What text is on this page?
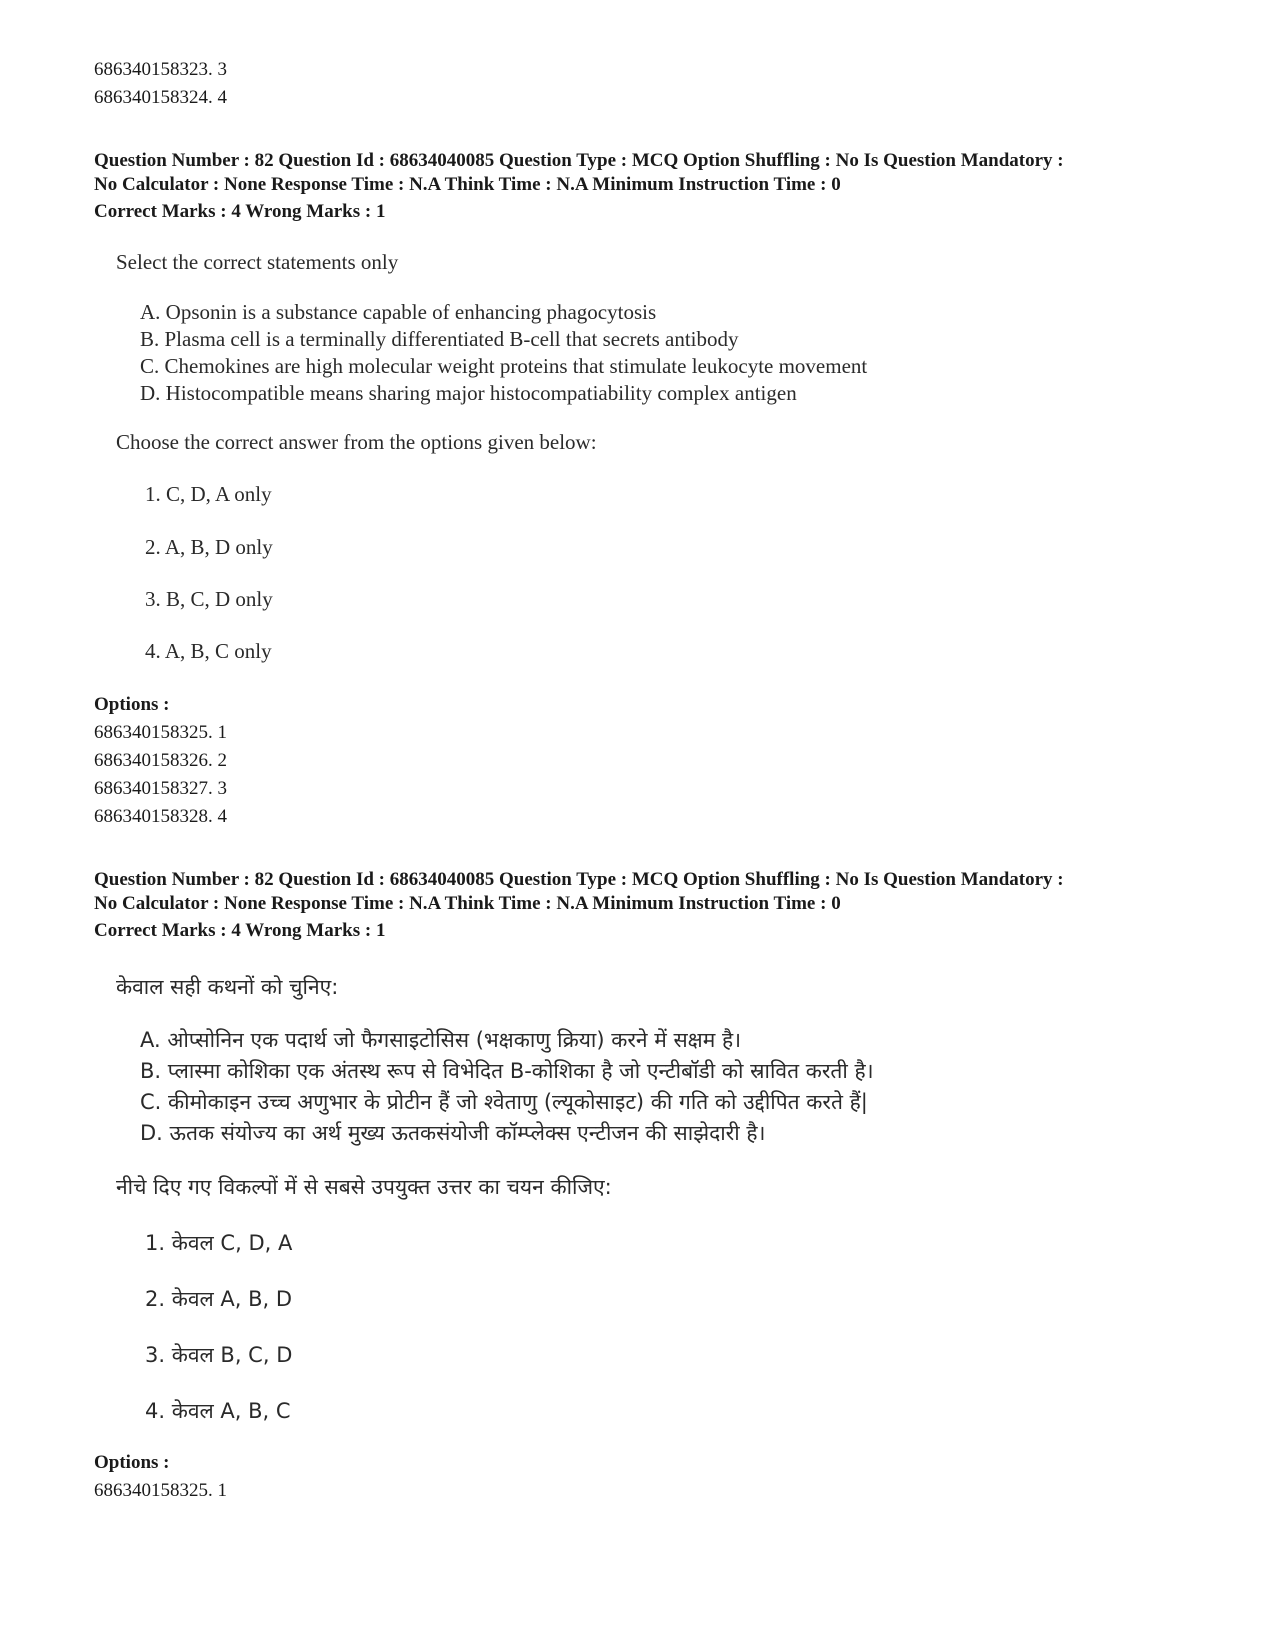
686340158323. 3
686340158324. 4
Question Number : 82 Question Id : 68634040085 Question Type : MCQ Option Shuffling : No Is Question Mandatory :
No Calculator : None Response Time : N.A Think Time : N.A Minimum Instruction Time : 0
Correct Marks : 4 Wrong Marks : 1
Select the correct statements only
A. Opsonin is a substance capable of enhancing phagocytosis
B. Plasma cell is a terminally differentiated B-cell that secrets antibody
C. Chemokines are high molecular weight proteins that stimulate leukocyte movement
D. Histocompatible means sharing major histocompatiability complex antigen
Choose the correct answer from the options given below:
1. C, D, A only
2. A, B, D only
3. B, C, D only
4. A, B, C only
Options :
686340158325. 1
686340158326. 2
686340158327. 3
686340158328. 4
Question Number : 82 Question Id : 68634040085 Question Type : MCQ Option Shuffling : No Is Question Mandatory :
No Calculator : None Response Time : N.A Think Time : N.A Minimum Instruction Time : 0
Correct Marks : 4 Wrong Marks : 1
केवाल सही कथनों को चुनिए:
A. ओप्सोनिन एक पदार्थ जो फैगसाइटोसिस (भक्षकाणु क्रिया) करने में सक्षम है।
B. प्लास्मा कोशिका एक अंतस्थ रूप से विभेदित B-कोशिका है जो एन्टीबॉडी को स्रावित करती है।
C. कीमोकाइन उच्च अणुभार के प्रोटीन हैं जो श्वेताणु (ल्यूकोसाइट) की गति को उद्दीपित करते हैं|
D. ऊतक संयोज्य का अर्थ मुख्य ऊतकसंयोजी कॉम्प्लेक्स एन्टीजन की साझेदारी है।
नीचे दिए गए विकल्पों में से सबसे उपयुक्त उत्तर का चयन कीजिए:
1. केवल C, D, A
2. केवल A, B, D
3. केवल B, C, D
4. केवल A, B, C
Options :
686340158325. 1
